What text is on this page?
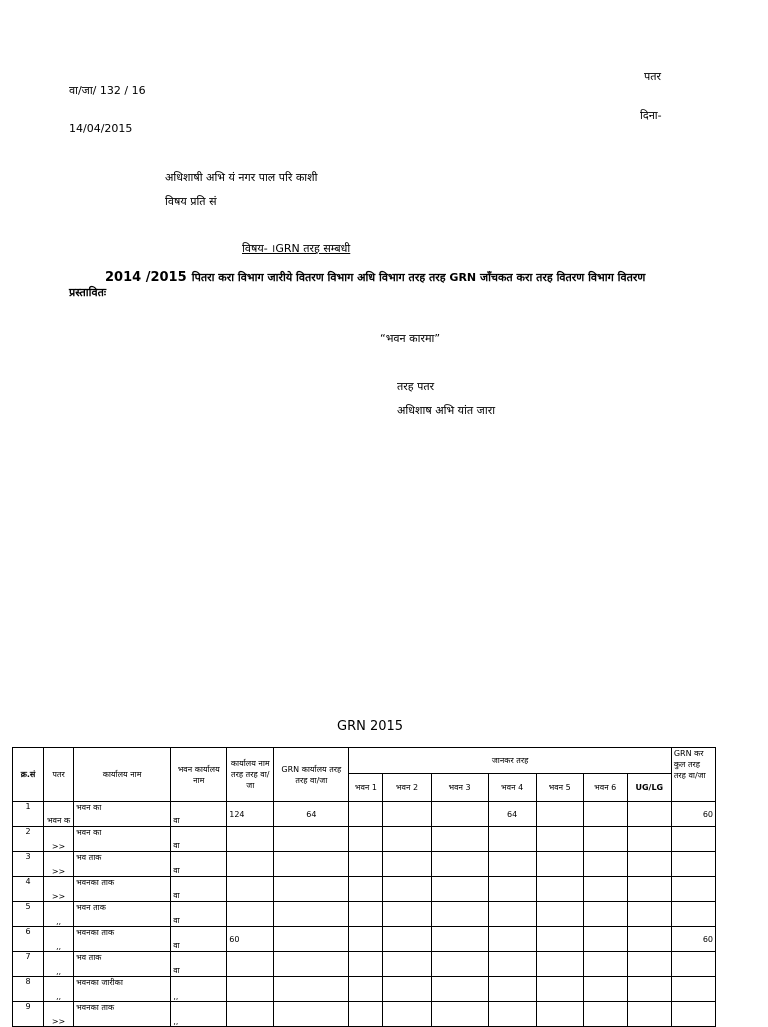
पतर
वा/जा/ 132 / 16
दिना-
14/04/2015
अधिशाषी अभि यं नगर पाल परि काशी
विषय प्रति सं
विषय- ।GRN तरह सम्बधी
2014 /2015 पितरा करा विभाग जारीये वितरण विभाग अधि विभाग तरह तरह GRN जाँचकत करा तरह वितरण विभाग वितरण
प्रस्तावितः
“भवन कारमा”
तरह पतर
अधिशाष अभि यांत जारा
GRN 2015
क्र.सं	पतर	कार्यालय नाम	भवन कार्यालय नाम	कार्यालय नाम तरह तरह वा/जा	GRN कार्यालय तरह तरह वा/जा	जानकर तरह							GRN कर कुल तरह तरह वा/जा
						भवन 1	भवन 2	भवन 3	भवन 4	भवन 5	भवन 6	UG/LG	
1	भवन क	भवन का	वा	124	64				64				60
2	>>	भवन का	वा										
3	>>	भव ताक	वा										
4	>>	भवनका ताक	वा										
5	‚‚	भवन ताक	वा										
6	‚‚	भवनका ताक	वा	60									60
7	‚‚	भव ताक	वा										
8	‚‚	भवनका जारीका	‚‚										
9	>>	भवनका ताक	‚‚										
